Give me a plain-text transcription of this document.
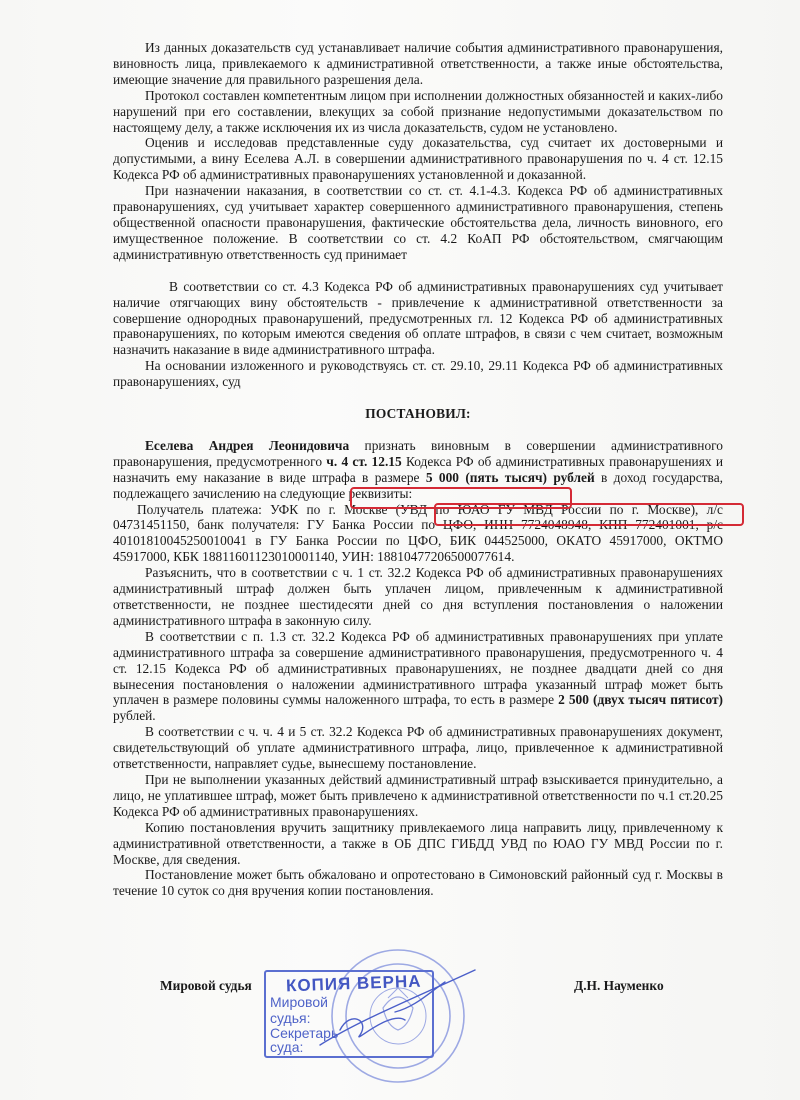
Из данных доказательств суд устанавливает наличие события административного правонарушения, виновность лица, привлекаемого к административной ответственности, а также иные обстоятельства, имеющие значение для правильного разрешения дела.

Протокол составлен компетентным лицом при исполнении должностных обязанностей и каких-либо нарушений при его составлении, влекущих за собой признание недопустимыми доказательством по настоящему делу, а также исключения их из числа доказательств, судом не установлено.

Оценив и исследовав представленные суду доказательства, суд считает их достоверными и допустимыми, а вину Еселева А.Л. в совершении административного правонарушения по ч. 4 ст. 12.15 Кодекса РФ об административных правонарушениях установленной и доказанной.

При назначении наказания, в соответствии со ст. ст. 4.1-4.3. Кодекса РФ об административных правонарушениях, суд учитывает характер совершенного административного правонарушения, степень общественной опасности правонарушения, фактические обстоятельства дела, личность виновного, его имущественное положение. В соответствии со ст. 4.2 КоАП РФ обстоятельством, смягчающим административную ответственность суд принимает

В соответствии со ст. 4.3 Кодекса РФ об административных правонарушениях суд учитывает наличие отягчающих вину обстоятельств - привлечение к административной ответственности за совершение однородных правонарушений, предусмотренных гл. 12 Кодекса РФ об административных правонарушениях, по которым имеются сведения об оплате штрафов, в связи с чем считает, возможным назначить наказание в виде административного штрафа.

На основании изложенного и руководствуясь ст. ст. 29.10, 29.11 Кодекса РФ об административных правонарушениях, суд

ПОСТАНОВИЛ:

Еселева Андрея Леонидовича признать виновным в совершении административного правонарушения, предусмотренного ч. 4 ст. 12.15 Кодекса РФ об административных правонарушениях и назначить ему наказание в виде штрафа в размере 5 000 (пять тысяч) рублей в доход государства, подлежащего зачислению на следующие реквизиты:

Получатель платежа: УФК по г. Москве (УВД по ЮАО ГУ МВД России по г. Москве), л/с 04731451150, банк получателя: ГУ Банка России по ЦФО, ИНН 7724048948, КПП 772401001, р/с 40101810045250010041 в ГУ Банка России по ЦФО, БИК 044525000, ОКАТО 45917000, ОКТМО 45917000, КБК 18811601123010001140, УИН: 18810477206500077614.

Разъяснить, что в соответствии с ч. 1 ст. 32.2 Кодекса РФ об административных правонарушениях административный штраф должен быть уплачен лицом, привлеченным к административной ответственности, не позднее шестидесяти дней со дня вступления постановления о наложении административного штрафа в законную силу.

В соответствии с п. 1.3 ст. 32.2 Кодекса РФ об административных правонарушениях при уплате административного штрафа за совершение административного правонарушения, предусмотренного ч. 4 ст. 12.15 Кодекса РФ об административных правонарушениях, не позднее двадцати дней со дня вынесения постановления о наложении административного штрафа указанный штраф может быть уплачен в размере половины суммы наложенного штрафа, то есть в размере 2 500 (двух тысяч пятисот) рублей.

В соответствии с ч. ч. 4 и 5 ст. 32.2 Кодекса РФ об административных правонарушениях документ, свидетельствующий об уплате административного штрафа, лицо, привлеченное к административной ответственности, направляет судье, вынесшему постановление.

При не выполнении указанных действий административный штраф взыскивается принудительно, а лицо, не уплатившее штраф, может быть привлечено к административной ответственности по ч.1 ст.20.25 Кодекса РФ об административных правонарушениях.

Копию постановления вручить защитнику привлекаемого лица направить лицу, привлеченному к административной ответственности, а также в ОБ ДПС ГИБДД УВД по ЮАО ГУ МВД России по г. Москве, для сведения.

Постановление может быть обжаловано и опротестовано в Симоновский районный суд г. Москвы в течение 10 суток со дня вручения копии постановления.

КОПИЯ ВЕРНА
Мировой
судья:
Секретарь
суда:
Мировой судья	Д.Н. Науменко
